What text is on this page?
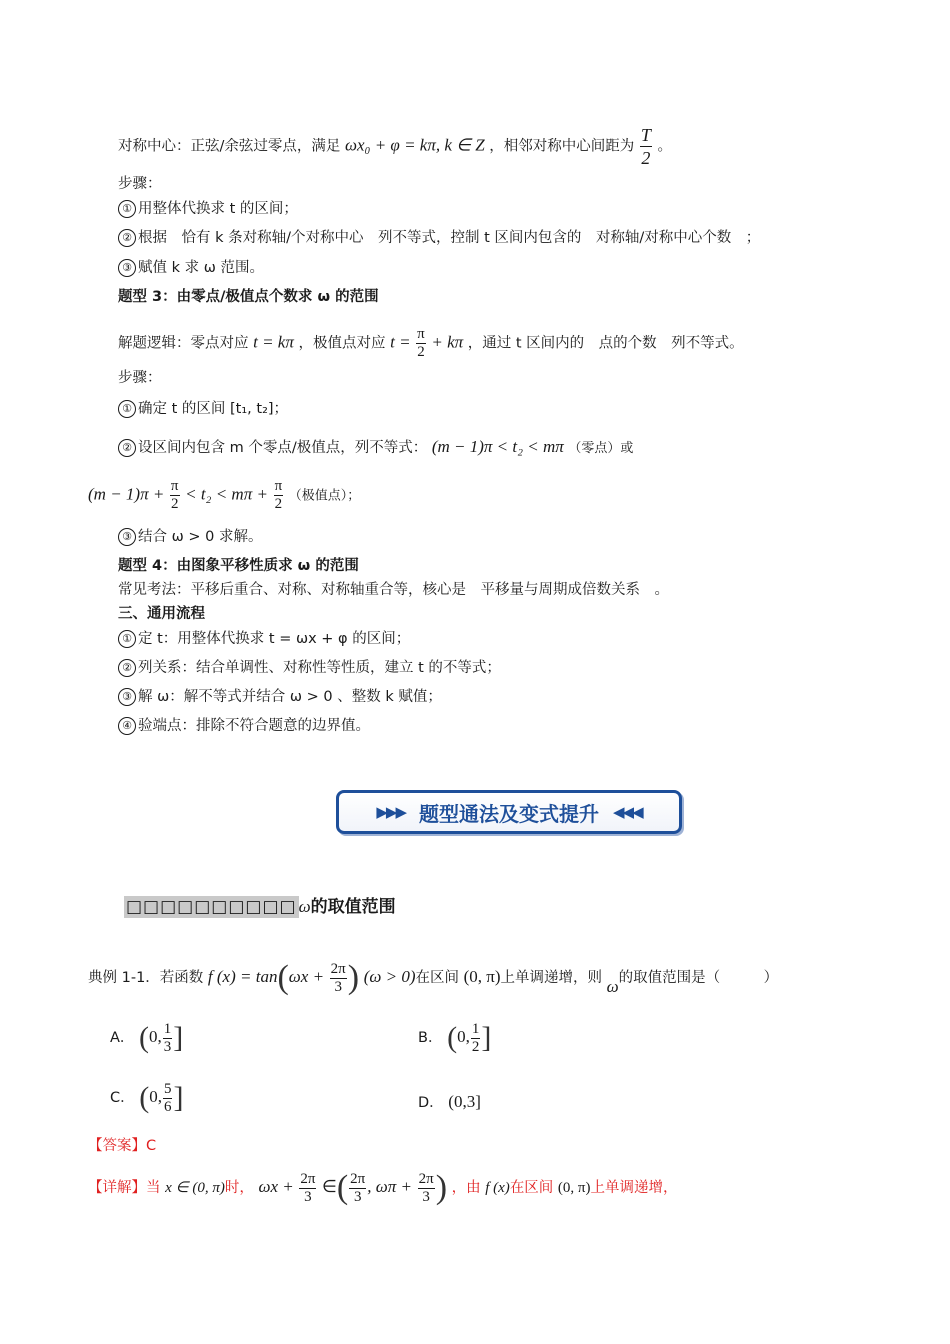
对称中心：正弦/余弦过零点，满足 ωx₀ + φ = kπ, k ∈ Z ，相邻对称中心间距为 $\frac{T}{2}$ 。
步骤：
① 用整体代换求 t 的区间；
② 根据　恰有 k 条对称轴/个对称中心　列不等式，控制 t 区间内包含的　对称轴/对称中心个数　；
③ 赋值 k 求 ω 范围。
题型 3：由零点/极值点个数求 ω 的范围
解题逻辑：零点对应 t = kπ ，极值点对应 $t = \frac{\pi}{2} + k\pi$ ，通过 t 区间内的　点的个数　列不等式。
步骤：
① 确定 t 的区间 [t₁, t₂]；
② 设区间内包含 m 个零点/极值点，列不等式： (m − 1)π < t₂ < mπ （零点）或
$(m - 1)\pi + \frac{\pi}{2} < t_2 < m\pi + \frac{\pi}{2}$ （极值点）；
③ 结合 ω > 0 求解。
题型 4：由图象平移性质求 ω 的范围
常见考法：平移后重合、对称、对称轴重合等，核心是　平移量与周期成倍数关系　。
三、通用流程
① 定 t：用整体代换求 t = ωx + φ 的区间；
② 列关系：结合单调性、对称性等性质，建立 t 的不等式；
③ 解 ω：解不等式并结合 ω > 0 、整数 k 赋值；
④ 验端点：排除不符合题意的边界值。
▶▶▶ 题型通法及变式提升 ◀◀◀
□□□□□□□□□□ ω的取值范围
典例 1-1．若函数 f $(x) = \tan(\omega x + \frac{2\pi}{3}$ ) (ω > 0)在区间 (0, π)上单调递增，则 ω的取值范围是（　　　）
A． (0, $\frac{1}{3}$ ]	B． (0, $\frac{1}{2}$ ]
C． (0, $\frac{5}{6}$ ]	D． (0,3]
【答案】C
【详解】当 x ∈ (0, π)时， $\omega x + \frac{2\pi}{3}$ ∈( $\frac{2\pi}{3}$ , $\omega\pi + \frac{2\pi}{3}$ ) ，由 f (x)在区间 (0, π)上单调递增，
